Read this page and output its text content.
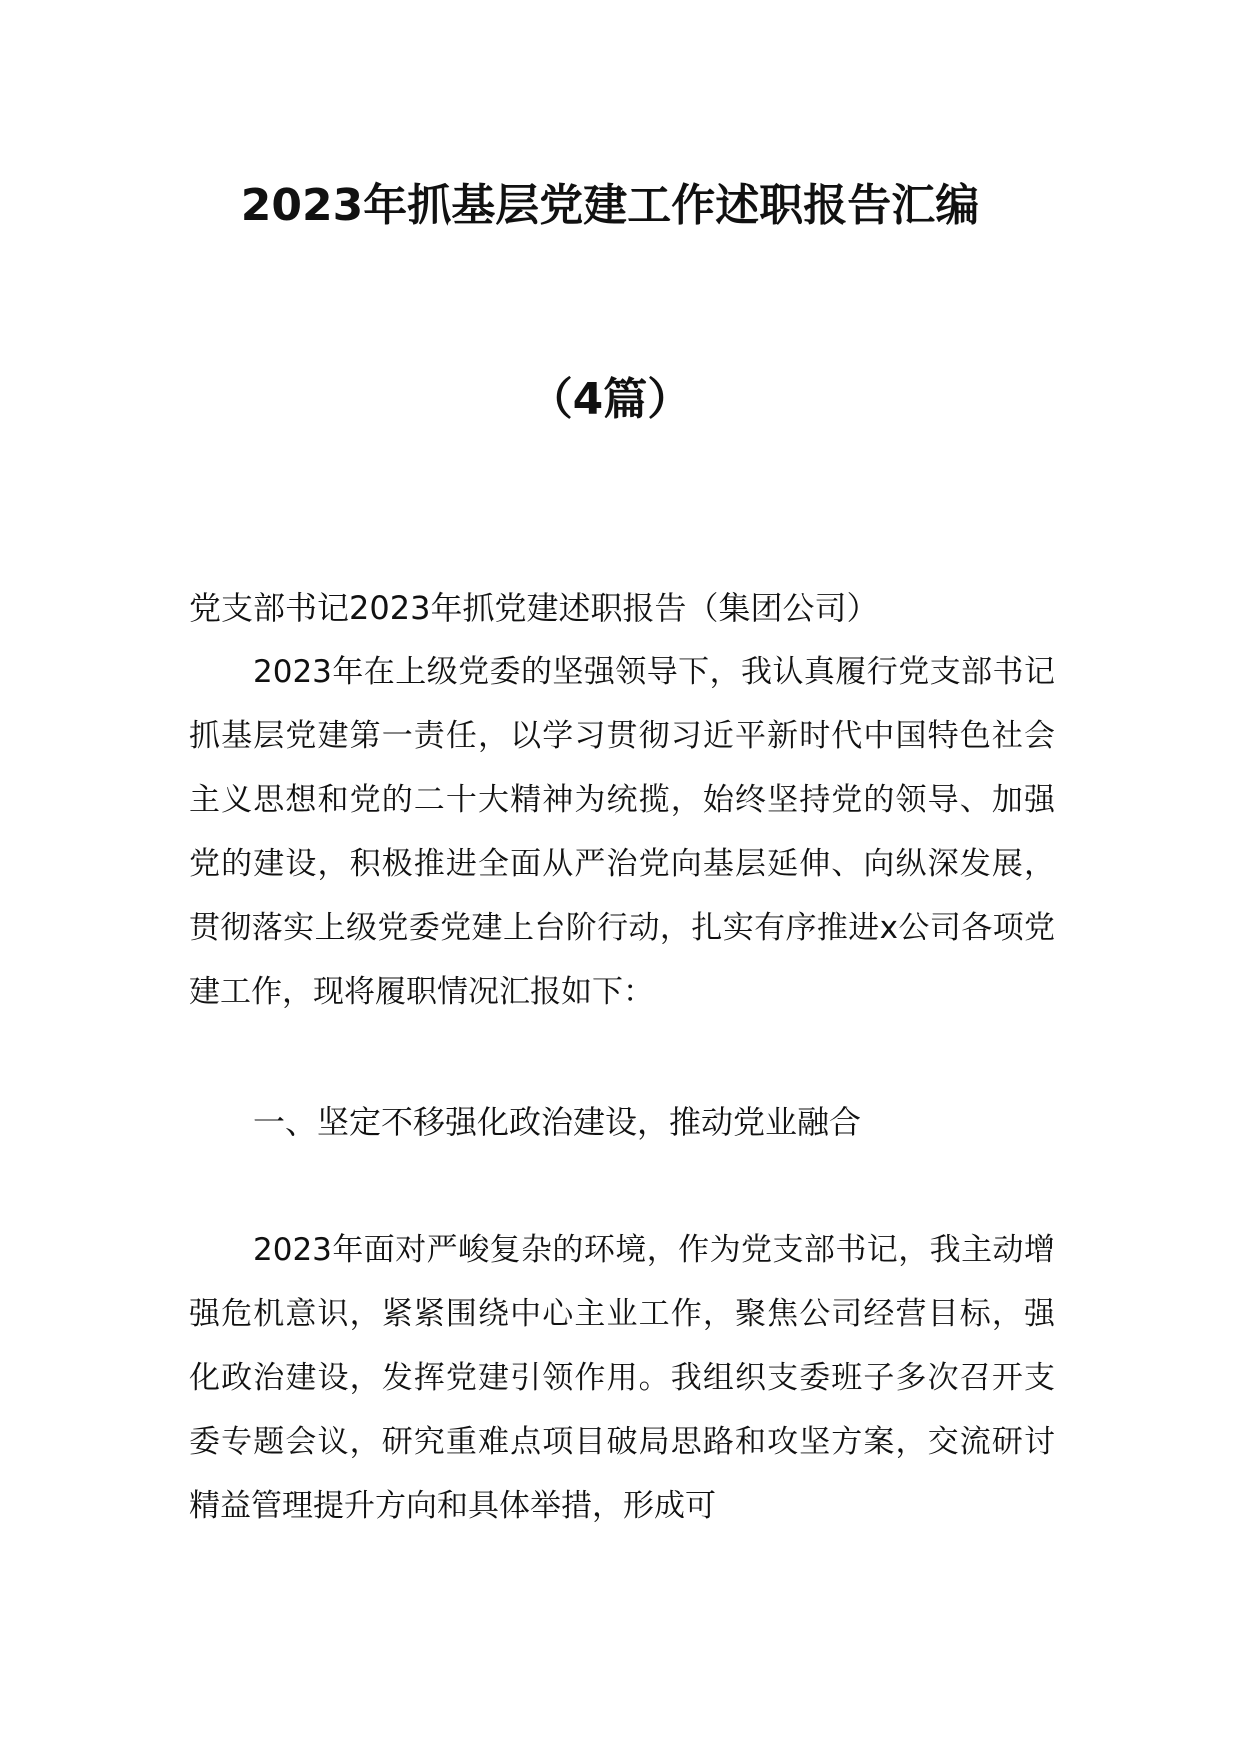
2023年抓基层党建工作述职报告汇编
（4篇）

党支部书记2023年抓党建述职报告（集团公司）

2023年在上级党委的坚强领导下，我认真履行党支部书记抓基层党建第一责任，以学习贯彻习近平新时代中国特色社会主义思想和党的二十大精神为统揽，始终坚持党的领导、加强党的建设，积极推进全面从严治党向基层延伸、向纵深发展，贯彻落实上级党委党建上台阶行动，扎实有序推进x公司各项党建工作，现将履职情况汇报如下：

一、坚定不移强化政治建设，推动党业融合

2023年面对严峻复杂的环境，作为党支部书记，我主动增强危机意识，紧紧围绕中心主业工作，聚焦公司经营目标，强化政治建设，发挥党建引领作用。我组织支委班子多次召开支委专题会议，研究重难点项目破局思路和攻坚方案，交流研讨精益管理提升方向和具体举措，形成可
